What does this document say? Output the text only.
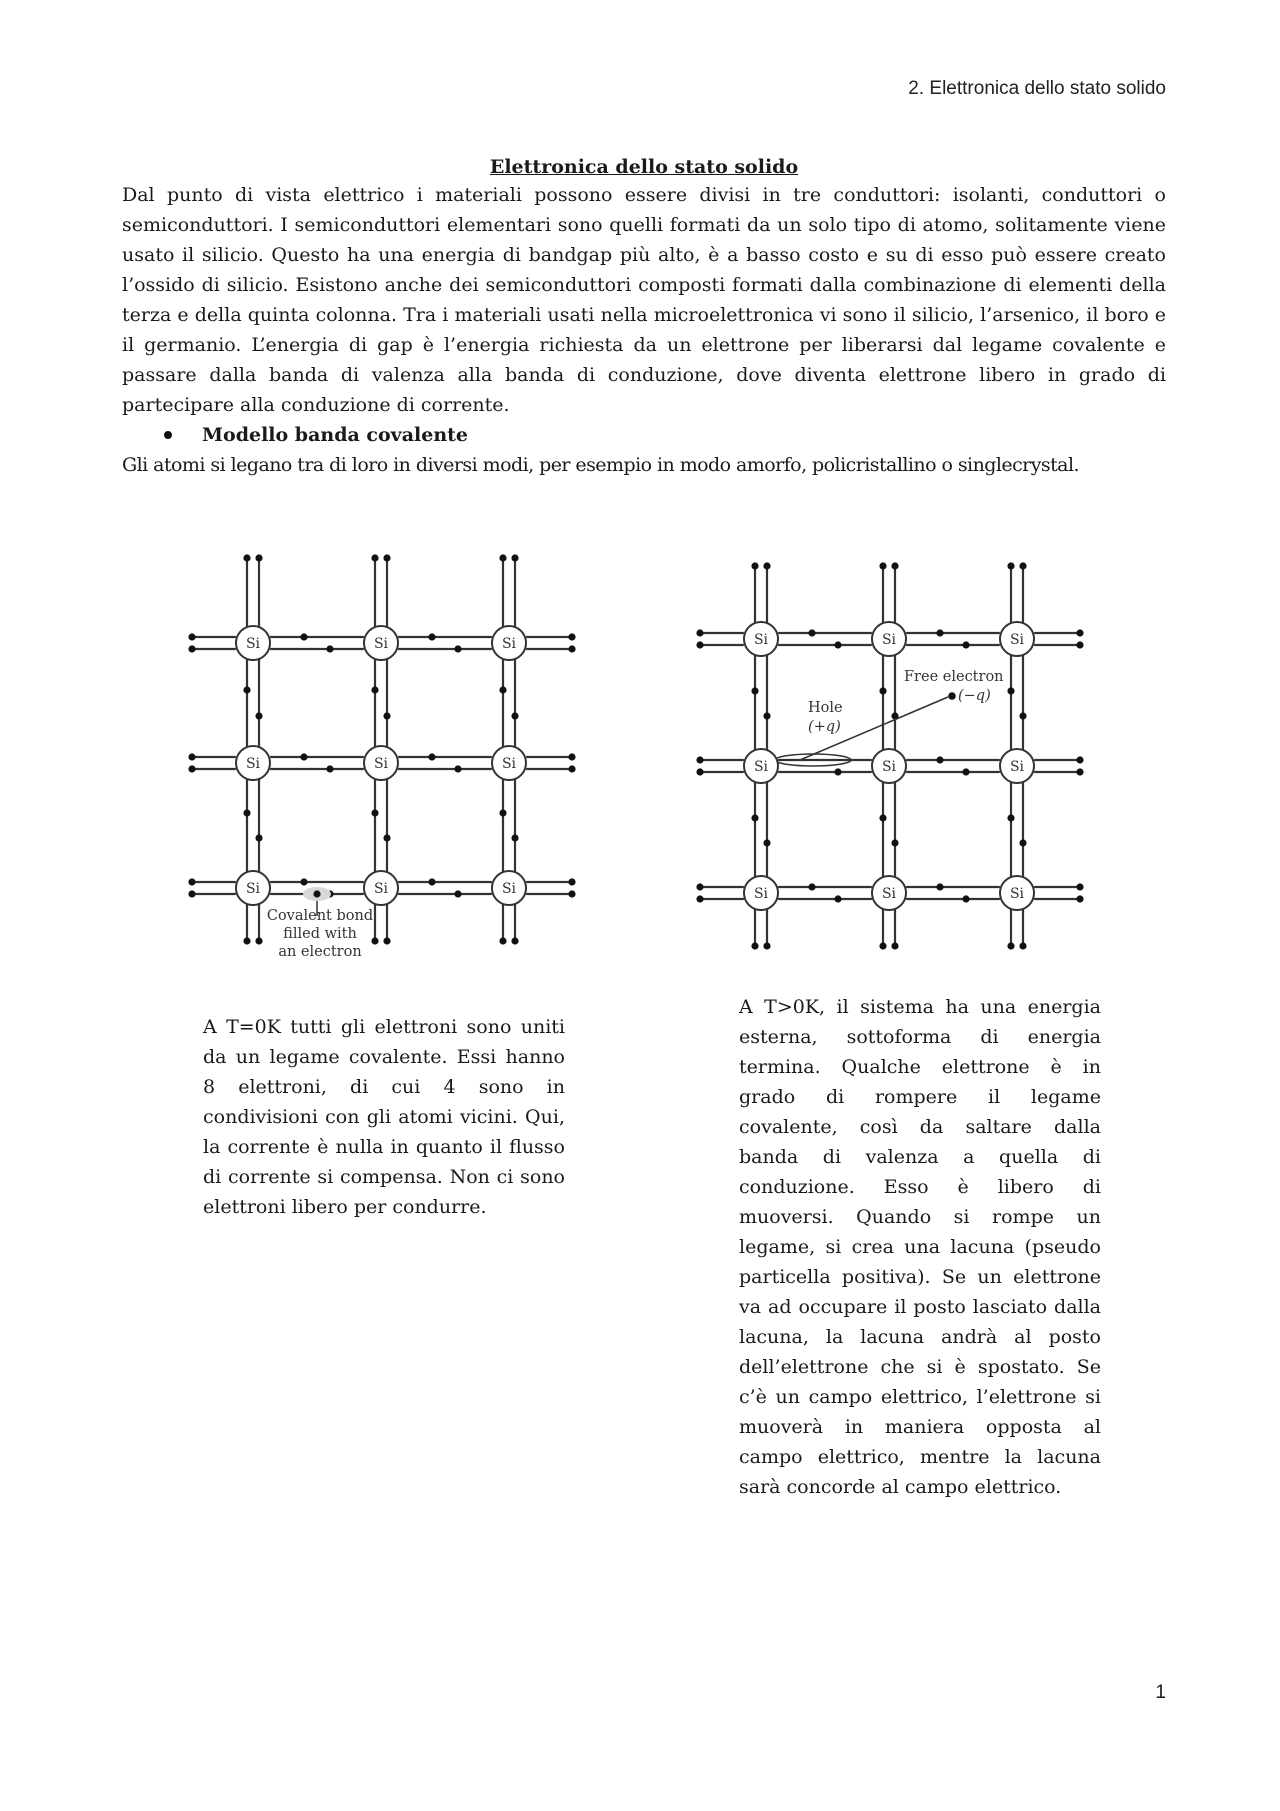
2. Elettronica dello stato solido
Elettronica dello stato solido

Dal punto di vista elettrico i materiali possono essere divisi in tre conduttori: isolanti, conduttori o semiconduttori. I semiconduttori elementari sono quelli formati da un solo tipo di atomo, solitamente viene usato il silicio. Questo ha una energia di bandgap più alto, è a basso costo e su di esso può essere creato l’ossido di silicio. Esistono anche dei semiconduttori composti formati dalla combinazione di elementi della terza e della quinta colonna. Tra i materiali usati nella microelettronica vi sono il silicio, l’arsenico, il boro e il germanio. L’energia di gap è l’energia richiesta da un elettrone per liberarsi dal legame covalente e passare dalla banda di valenza alla banda di conduzione, dove diventa elettrone libero in grado di partecipare alla conduzione di corrente.

Modello banda covalente

Gli atomi si legano tra di loro in diversi modi, per esempio in modo amorfo, policristallino o singlecrystal.

Si	Si	Si
Si	Si	Si
Si	Si	Si
Covalent bond
filled with
an electron
Si	Si	Si
Si	Si	Si
Si	Si	Si
Hole
(+q)
Free electron
(−q)
A T=0K tutti gli elettroni sono uniti da un legame covalente. Essi hanno 8 elettroni, di cui 4 sono in condivisioni con gli atomi vicini. Qui, la corrente è nulla in quanto il flusso di corrente si compensa. Non ci sono elettroni libero per condurre.
A T>0K, il sistema ha una energia esterna, sottoforma di energia termina. Qualche elettrone è in grado di rompere il legame covalente, così da saltare dalla banda di valenza a quella di conduzione. Esso è libero di muoversi. Quando si rompe un legame, si crea una lacuna (pseudo particella positiva). Se un elettrone va ad occupare il posto lasciato dalla lacuna, la lacuna andrà al posto dell’elettrone che si è spostato. Se c’è un campo elettrico, l’elettrone si muoverà in maniera opposta al campo elettrico, mentre la lacuna sarà concorde al campo elettrico.
1
